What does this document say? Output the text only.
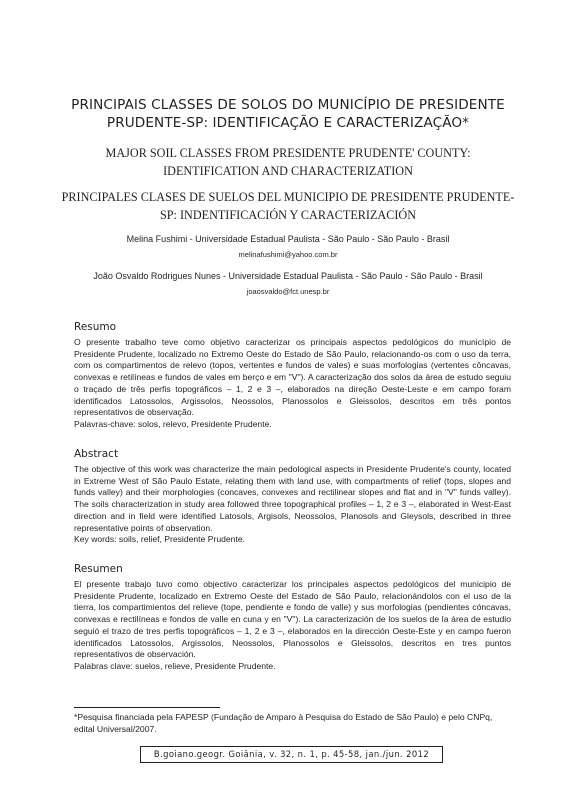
PRINCIPAIS CLASSES DE SOLOS DO MUNICÍPIO DE PRESIDENTE PRUDENTE-SP: IDENTIFICAÇÃO E CARACTERIZAÇÃO*
MAJOR SOIL CLASSES FROM PRESIDENTE PRUDENTE' COUNTY: IDENTIFICATION AND CHARACTERIZATION
PRINCIPALES CLASES DE SUELOS DEL MUNICIPIO DE PRESIDENTE PRUDENTE-SP: INDENTIFICACIÓN Y CARACTERIZACIÓN
Melina Fushimi - Universidade Estadual Paulista - São Paulo - São Paulo - Brasil
melinafushimi@yahoo.com.br
João Osvaldo Rodrigues Nunes - Universidade Estadual Paulista - São Paulo - São Paulo - Brasil
joaosvaldo@fct.unesp.br
Resumo

O presente trabalho teve como objetivo caracterizar os principais aspectos pedológicos do município de Presidente Prudente, localizado no Extremo Oeste do Estado de São Paulo, relacionando-os com o uso da terra, com os compartimentos de relevo (topos, vertentes e fundos de vales) e suas morfologias (vertentes côncavas, convexas e retilíneas e fundos de vales em berço e em "V"). A caracterização dos solos da área de estudo seguiu o traçado de três perfis topográficos – 1, 2 e 3 –, elaborados na direção Oeste-Leste e em campo foram identificados Latossolos, Argissolos, Neossolos, Planossolos e Gleissolos, descritos em três pontos representativos de observação.

Palavras-chave: solos, relevo, Presidente Prudente.

Abstract

The objective of this work was characterize the main pedological aspects in Presidente Prudente's county, located in Extreme West of São Paulo Estate, relating them with land use, with compartments of relief (tops, slopes and funds valley) and their morphologies (concaves, convexes and rectilinear slopes and flat and in "V" funds valley). The soils characterization in study area followed three topographical profiles – 1, 2 e 3 –, elaborated in West-East direction and in field were identified Latosols, Argisols, Neossolos, Planosols and Gleysols, described in three representative points of observation.

Key words: soils, relief, Presidente Prudente.

Resumen

El presente trabajo tuvo como objectivo caracterizar los principales aspectos pedológicos del municipio de Presidente Prudente, localizado en Extremo Oeste del Estado de São Paulo, relacionándolos con el uso de la tierra, los compartimientos del relieve (tope, pendiente e fondo de valle) y sus morfologias (pendientes cóncavas, convexas e rectilíneas e fondos de valle en cuna y en "V"). La caracterización de los suelos de la área de estudio seguió el trazo de tres perfis topográficos – 1, 2 e 3 –, elaborados en la dirección Oeste-Este y en campo fueron identificados Latossolos, Argissolos, Neossolos, Planossolos e Gleissolos, descritos en tres puntos representativos de observación.

Palabras clave: suelos, relieve, Presidente Prudente.

*Pesquisa financiada pela FAPESP (Fundação de Amparo à Pesquisa do Estado de São Paulo) e pelo CNPq, edital Universal/2007.
B.goiano.geogr. Goiânia, v. 32, n. 1, p. 45-58, jan./jun. 2012
